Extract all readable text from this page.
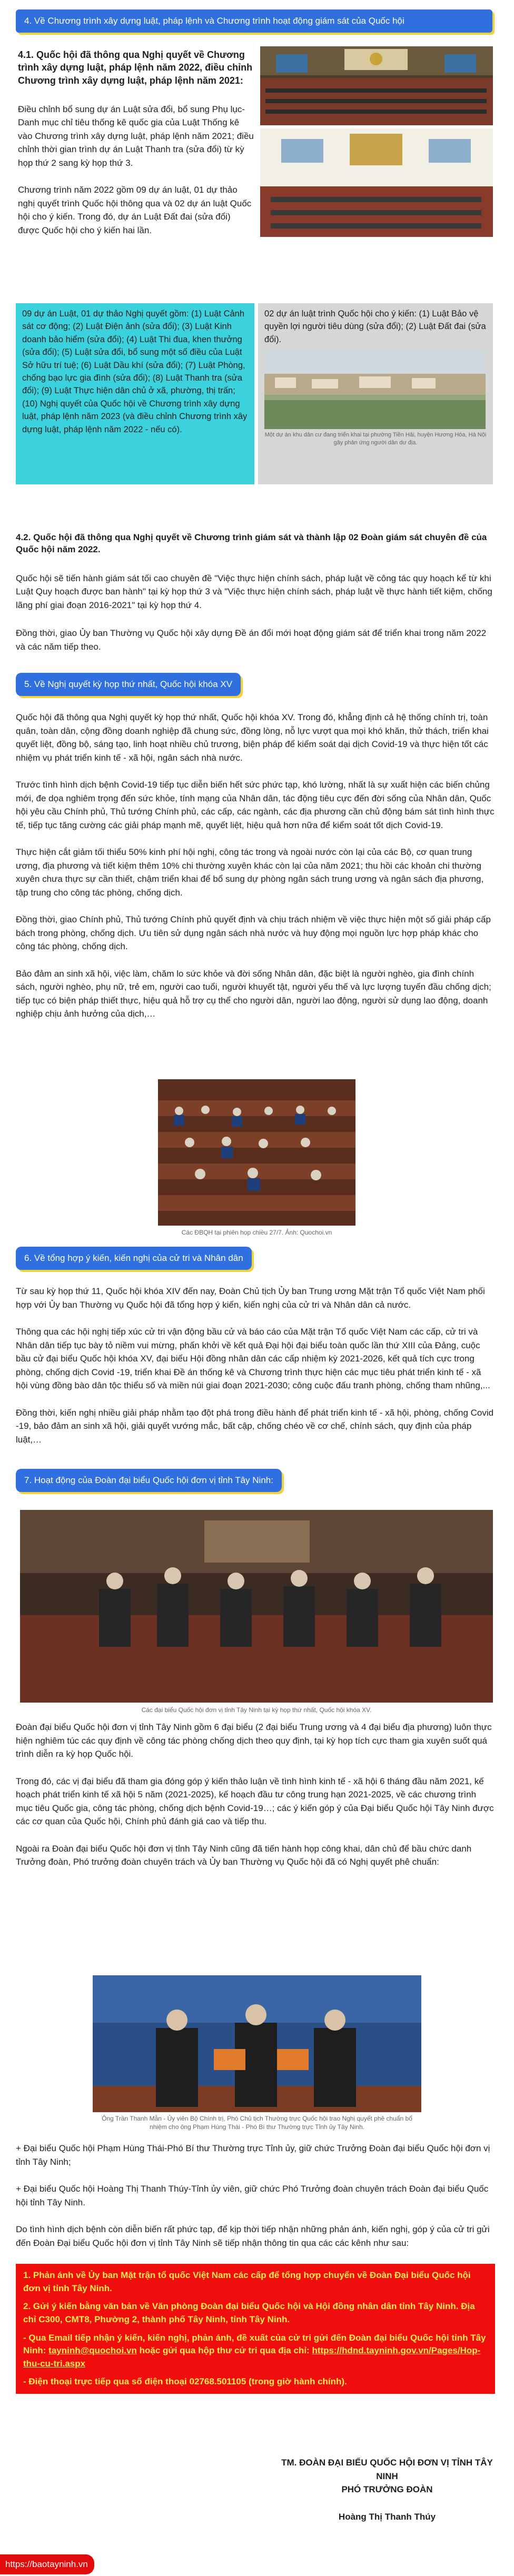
4. Về Chương trình xây dựng luật, pháp lệnh và Chương trình hoạt động giám sát của Quốc hội
4.1. Quốc hội đã thông qua Nghị quyết về Chương trình xây dựng luật, pháp lệnh năm 2022, điều chỉnh Chương trình xây dựng luật, pháp lệnh năm 2021:

Điều chỉnh bổ sung dự án Luật sửa đổi, bổ sung Phụ lục-Danh mục chỉ tiêu thống kê quốc gia của Luật Thống kê vào Chương trình xây dựng luật, pháp lệnh năm 2021; điều chỉnh thời gian trình dự án Luật Thanh tra (sửa đổi) từ kỳ họp thứ 2 sang kỳ họp thứ 3.

Chương trình năm 2022 gồm 09 dự án luật, 01 dự thảo nghị quyết trình Quốc hội thông qua và 02 dự án luật Quốc hội cho ý kiến. Trong đó, dự án Luật Đất đai (sửa đổi) được Quốc hội cho ý kiến hai lần.

09 dự án Luật, 01 dự thảo Nghị quyết gồm: (1) Luật Cảnh sát cơ động; (2) Luật Điện ảnh (sửa đổi); (3) Luật Kinh doanh bảo hiểm (sửa đổi); (4) Luật Thi đua, khen thưởng (sửa đổi); (5) Luật sửa đổi, bổ sung một số điều của Luật Sở hữu trí tuệ; (6) Luật Dầu khí (sửa đổi); (7) Luật Phòng, chống bạo lực gia đình (sửa đổi); (8) Luật Thanh tra (sửa đổi); (9) Luật Thực hiện dân chủ ở xã, phường, thị trấn; (10) Nghị quyết của Quốc hội về Chương trình xây dựng luật, pháp lệnh năm 2023 (và điều chỉnh Chương trình xây dựng luật, pháp lệnh năm 2022 - nếu có).
02 dự án luật trình Quốc hội cho ý kiến: (1) Luật Bảo vệ quyền lợi người tiêu dùng (sửa đổi); (2) Luật Đất đai (sửa đổi).
Một dự án khu dân cư đang triển khai tại phường Tiền Hải, huyện Hương Hóa, Hà Nội gây phản ứng người dân dư địa.
4.2. Quốc hội đã thông qua Nghị quyết về Chương trình giám sát và thành lập 02 Đoàn giám sát chuyên đề của Quốc hội năm 2022.

Quốc hội sẽ tiến hành giám sát tối cao chuyên đề "Việc thực hiện chính sách, pháp luật về công tác quy hoạch kể từ khi Luật Quy hoạch được ban hành" tại kỳ họp thứ 3 và "Việc thực hiện chính sách, pháp luật về thực hành tiết kiệm, chống lãng phí giai đoạn 2016-2021" tại kỳ họp thứ 4.

Đồng thời, giao Ủy ban Thường vụ Quốc hội xây dựng Đề án đổi mới hoạt động giám sát để triển khai trong năm 2022 và các năm tiếp theo.

5. Về Nghị quyết kỳ họp thứ nhất, Quốc hội khóa XV

Quốc hội đã thông qua Nghị quyết kỳ họp thứ nhất, Quốc hội khóa XV. Trong đó, khẳng định cả hệ thống chính trị, toàn quân, toàn dân, cộng đồng doanh nghiệp đã chung sức, đồng lòng, nỗ lực vượt qua mọi khó khăn, thử thách, triển khai quyết liệt, đồng bộ, sáng tạo, linh hoạt nhiều chủ trương, biện pháp để kiểm soát dại dịch Covid-19 và thực hiện tốt các nhiệm vụ phát triển kinh tế - xã hội, ngân sách nhà nước.

Trước tình hình dịch bệnh Covid-19 tiếp tục diễn biến hết sức phức tạp, khó lường, nhất là sự xuất hiện các biến chủng mới, đe dọa nghiêm trọng đến sức khỏe, tính mạng của Nhân dân, tác động tiêu cực đến đời sống của Nhân dân, Quốc hội yêu cầu Chính phủ, Thủ tướng Chính phủ, các cấp, các ngành, các địa phương cần chủ động bám sát tình hình thực tế, tiếp tục tăng cường các giải pháp mạnh mẽ, quyết liệt, hiệu quả hơn nữa để kiểm soát tốt dịch Covid-19.

Thực hiện cắt giảm tối thiểu 50% kinh phí hội nghị, công tác trong và ngoài nước còn lại của các Bộ, cơ quan trung ương, địa phương và tiết kiệm thêm 10% chi thường xuyên khác còn lại của năm 2021; thu hồi các khoản chi thường xuyên chưa thực sự cần thiết, chậm triển khai để bổ sung dự phòng ngân sách trung ương và ngân sách địa phương, tập trung cho công tác phòng, chống dịch.

Đồng thời, giao Chính phủ, Thủ tướng Chính phủ quyết định và chịu trách nhiệm về việc thực hiện một số giải pháp cấp bách trong phòng, chống dịch. Ưu tiên sử dụng ngân sách nhà nước và huy động mọi nguồn lực hợp pháp khác cho công tác phòng, chống dịch.

Bảo đảm an sinh xã hội, việc làm, chăm lo sức khỏe và đời sống Nhân dân, đặc biệt là người nghèo, gia đình chính sách, người nghèo, phụ nữ, trẻ em, người cao tuổi, người khuyết tật, người yếu thế và lực lượng tuyến đầu chống dịch; tiếp tục có biện pháp thiết thực, hiệu quả hỗ trợ cụ thể cho người dân, người lao động, người sử dụng lao động, doanh nghiệp chịu ảnh hưởng của dịch,…

Các ĐBQH tại phiên họp chiều 27/7. Ảnh: Quochoi.vn
6. Về tổng hợp ý kiến, kiến nghị của cử tri và Nhân dân

Từ sau kỳ họp thứ 11, Quốc hội khóa XIV đến nay, Đoàn Chủ tịch Ủy ban Trung ương Mặt trận Tổ quốc Việt Nam phối hợp với Ủy ban Thường vụ Quốc hội đã tổng hợp ý kiến, kiến nghị của cử tri và Nhân dân cả nước.

Thông qua các hội nghị tiếp xúc cử tri vận động bầu cử và báo cáo của Mặt trận Tổ quốc Việt Nam các cấp, cử tri và Nhân dân tiếp tục bày tỏ niềm vui mừng, phấn khởi về kết quả Đại hội đại biểu toàn quốc lần thứ XIII của Đảng, cuộc bầu cử đại biểu Quốc hội khóa XV, đại biểu Hội đồng nhân dân các cấp nhiệm kỳ 2021-2026, kết quả tích cực trong phòng, chống dịch Covid -19, triển khai Đề án thống kê và Chương trình thực hiện các mục tiêu phát triển kinh tế - xã hội vùng đồng bào dân tộc thiểu số và miền núi giai đoạn 2021-2030; công cuộc đấu tranh phòng, chống tham nhũng,...

Đồng thời, kiến nghị nhiều giải pháp nhằm tạo đột phá trong điều hành để phát triển kinh tế - xã hội, phòng, chống Covid -19, bảo đảm an sinh xã hội, giải quyết vướng mắc, bất cập, chống chéo về cơ chế, chính sách, quy định của pháp luật,…

7. Hoạt động của Đoàn đại biểu Quốc hội đơn vị tỉnh Tây Ninh:
Các đại biểu Quốc hội đơn vị tỉnh Tây Ninh tại kỳ họp thứ nhất, Quốc hội khóa XV.

Đoàn đại biểu Quốc hội đơn vị tỉnh Tây Ninh gồm 6 đại biểu (2 đại biểu Trung ương và 4 đại biểu địa phương) luôn thực hiện nghiêm túc các quy định về công tác phòng chống dịch theo quy định, tại kỳ họp tích cực tham gia xuyên suốt quá trình diễn ra kỳ họp Quốc hội.

Trong đó, các vị đại biểu đã tham gia đóng góp ý kiến thảo luận về tình hình kinh tế - xã hội 6 tháng đầu năm 2021, kế hoạch phát triển kinh tế xã hội 5 năm (2021-2025), kế hoạch đầu tư công trung hạn 2021-2025, về các chương trình mục tiêu Quốc gia, công tác phòng, chống dịch bệnh Covid-19…; các ý kiến góp ý của Đại biểu Quốc hội Tây Ninh được các cơ quan của Quốc hội, Chính phủ đánh giá cao và tiếp thu.

Ngoài ra Đoàn đại biểu Quốc hội đơn vị tỉnh Tây Ninh cũng đã tiến hành họp công khai, dân chủ để bầu chức danh Trưởng đoàn, Phó trưởng đoàn chuyên trách và Ủy ban Thường vụ Quốc hội đã có Nghị quyết phê chuẩn:

Ông Trần Thanh Mẫn - Ủy viên Bộ Chính trị, Phó Chủ tịch Thường trực Quốc hội trao Nghị quyết phê chuẩn bổ nhiệm cho ông Phạm Hùng Thái - Phó Bí thư Thường trực Tỉnh ủy Tây Ninh.

+ Đại biểu Quốc hội Phạm Hùng Thái-Phó Bí thư Thường trực Tỉnh ủy, giữ chức Trưởng Đoàn đại biểu Quốc hội đơn vị tỉnh Tây Ninh;

+ Đại biểu Quốc hội Hoàng Thị Thanh Thúy-Tỉnh ủy viên, giữ chức Phó Trưởng đoàn chuyên trách Đoàn đại biểu Quốc hội tỉnh Tây Ninh.

Do tình hình dịch bệnh còn diễn biến rất phức tạp, để kịp thời tiếp nhận những phản ánh, kiến nghị, góp ý của cử tri gửi đến Đoàn Đại biểu Quốc hội đơn vị tỉnh Tây Ninh sẽ tiếp nhận thông tin qua các các kênh như sau:

1. Phản ánh về Ủy ban Mặt trận tổ quốc Việt Nam các cấp để tổng hợp chuyển về Đoàn Đại biểu Quốc hội đơn vị tỉnh Tây Ninh.

2. Gửi ý kiến bằng văn bản về Văn phòng Đoàn đại biểu Quốc hội và Hội đồng nhân dân tỉnh Tây Ninh. Địa chỉ C300, CMT8, Phường 2, thành phố Tây Ninh, tỉnh Tây Ninh.

- Qua Email tiếp nhận ý kiến, kiến nghị, phản ánh, đề xuất của cử tri gửi đến Đoàn đại biểu Quốc hội tỉnh Tây Ninh: tayninh@quochoi.vn hoặc gửi qua hộp thư cử tri qua địa chỉ: https://hdnd.tayninh.gov.vn/Pages/Hop-thu-cu-tri.aspx

- Điện thoại trực tiếp qua số điện thoại 02768.501105 (trong giờ hành chính).

TM. ĐOÀN ĐẠI BIỂU QUỐC HỘI ĐƠN VỊ TỈNH TÂY NINH
PHÓ TRƯỞNG ĐOÀN
Hoàng Thị Thanh Thúy
https://baotayninh.vn
